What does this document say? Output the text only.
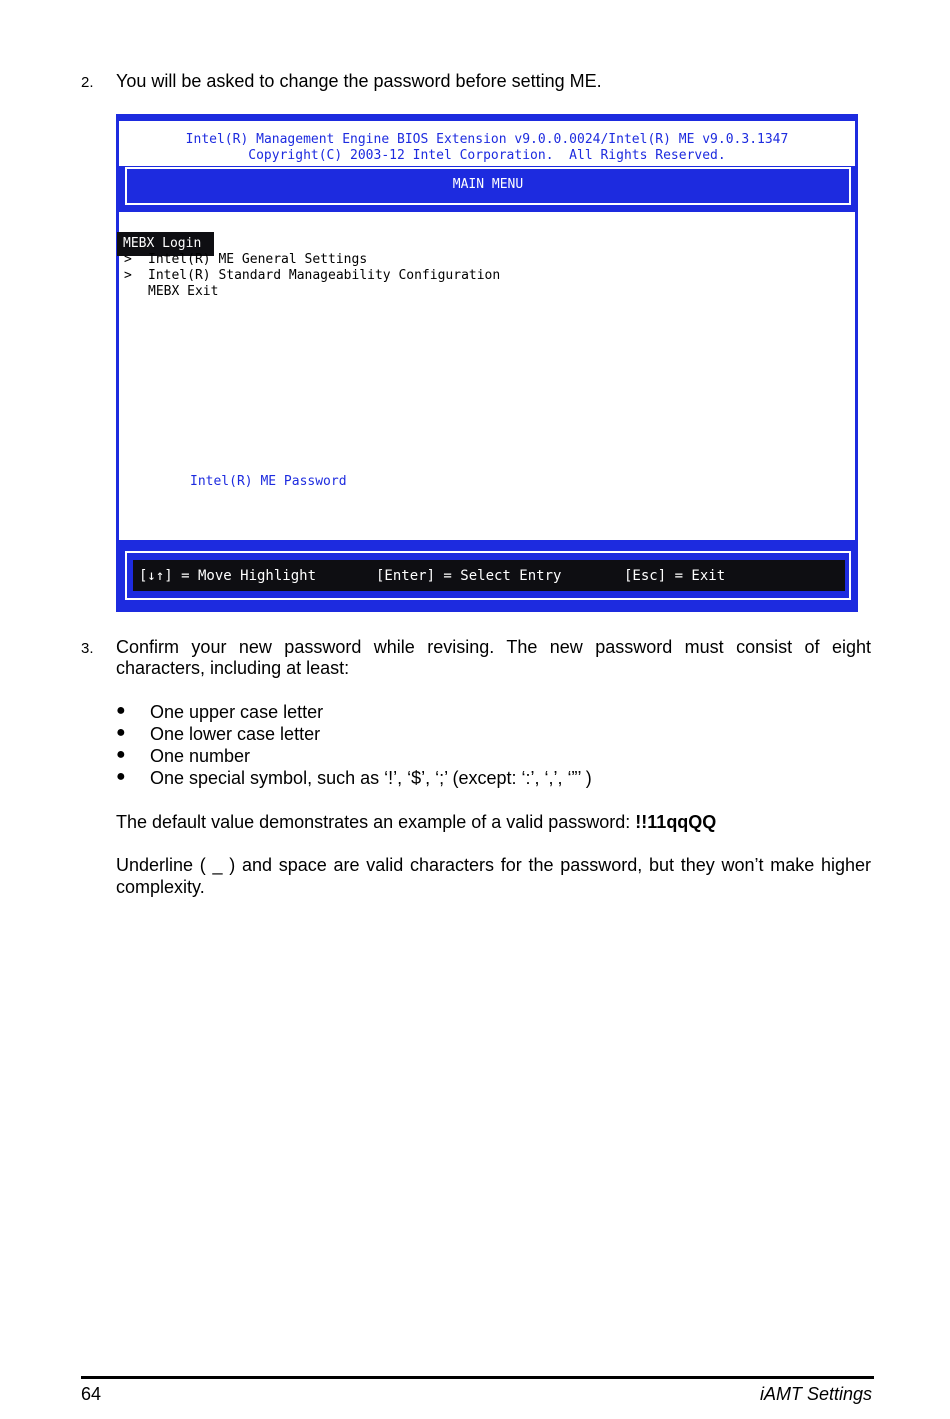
2. You will be asked to change the password before setting ME.
Intel(R) Management Engine BIOS Extension v9.0.0.0024/Intel(R) ME v9.0.3.1347
Copyright(C) 2003-12 Intel Corporation.  All Rights Reserved.
MAIN MENU
MEBX Login
> Intel(R) ME General Settings
> Intel(R) Standard Manageability Configuration
MEBX Exit
Intel(R) ME Password
[↓↑] = Move Highlight	[Enter] = Select Entry	[Esc] = Exit
3. Confirm your new password while revising. The new password must consist of eight
characters, including at least:
● One upper case letter
● One lower case letter
● One number
● One special symbol, such as ‘!’, ‘$’, ‘;’ (except: ‘:’, ‘,’, ‘”’ )
The default value demonstrates an example of a valid password: !!11qqQQ
Underline ( _ ) and space are valid characters for the password, but they won’t make higher
complexity.
64	iAMT Settings
